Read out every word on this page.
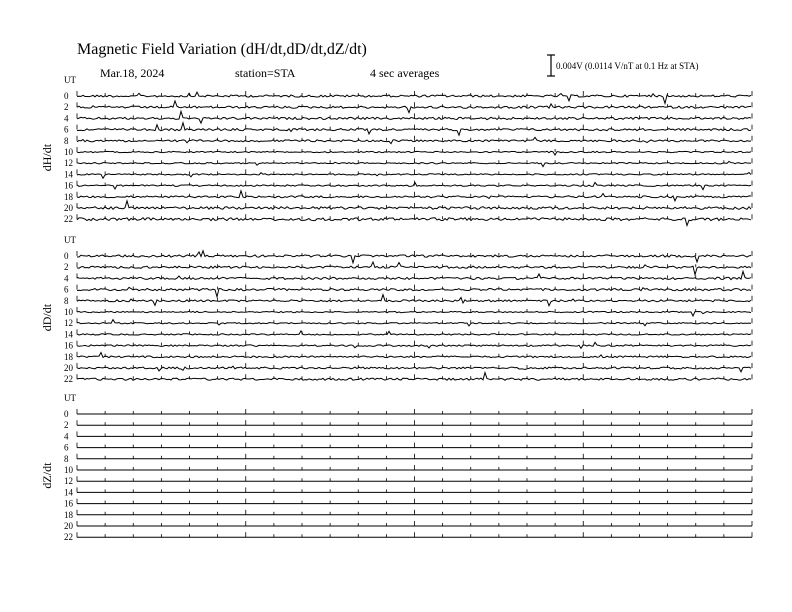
Magnetic Field Variation (dH/dt,dD/dt,dZ/dt)
Mar.18, 2024	station=STA	4 sec averages	0.004V (0.0114 V/nT at 0.1 Hz at STA)
UT
dH/dt
0
2
4
6
8
10
12
14
16
18
20
22
UT
dD/dt
0
2
4
6
8
10
12
14
16
18
20
22
UT
dZ/dt
0
2
4
6
8
10
12
14
16
18
20
22
